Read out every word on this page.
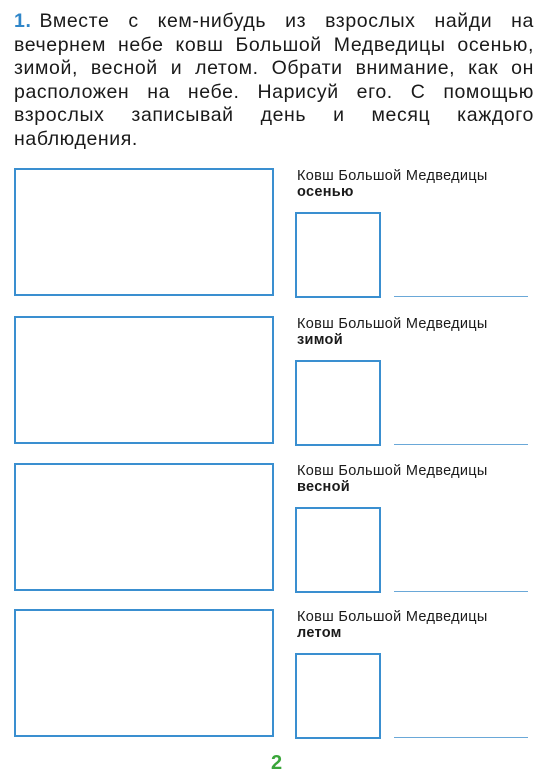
1. Вместе с кем-нибудь из взрослых найди на вечернем небе ковш Большой Медведицы осенью, зимой, весной и летом. Обрати внимание, как он расположен на небе. Нарисуй его. С помощью взрослых записывай день и месяц каждого наблюдения.
Ковш Большой Медведицы
осенью
Ковш Большой Медведицы
зимой
Ковш Большой Медведицы
весной
Ковш Большой Медведицы
летом
2
